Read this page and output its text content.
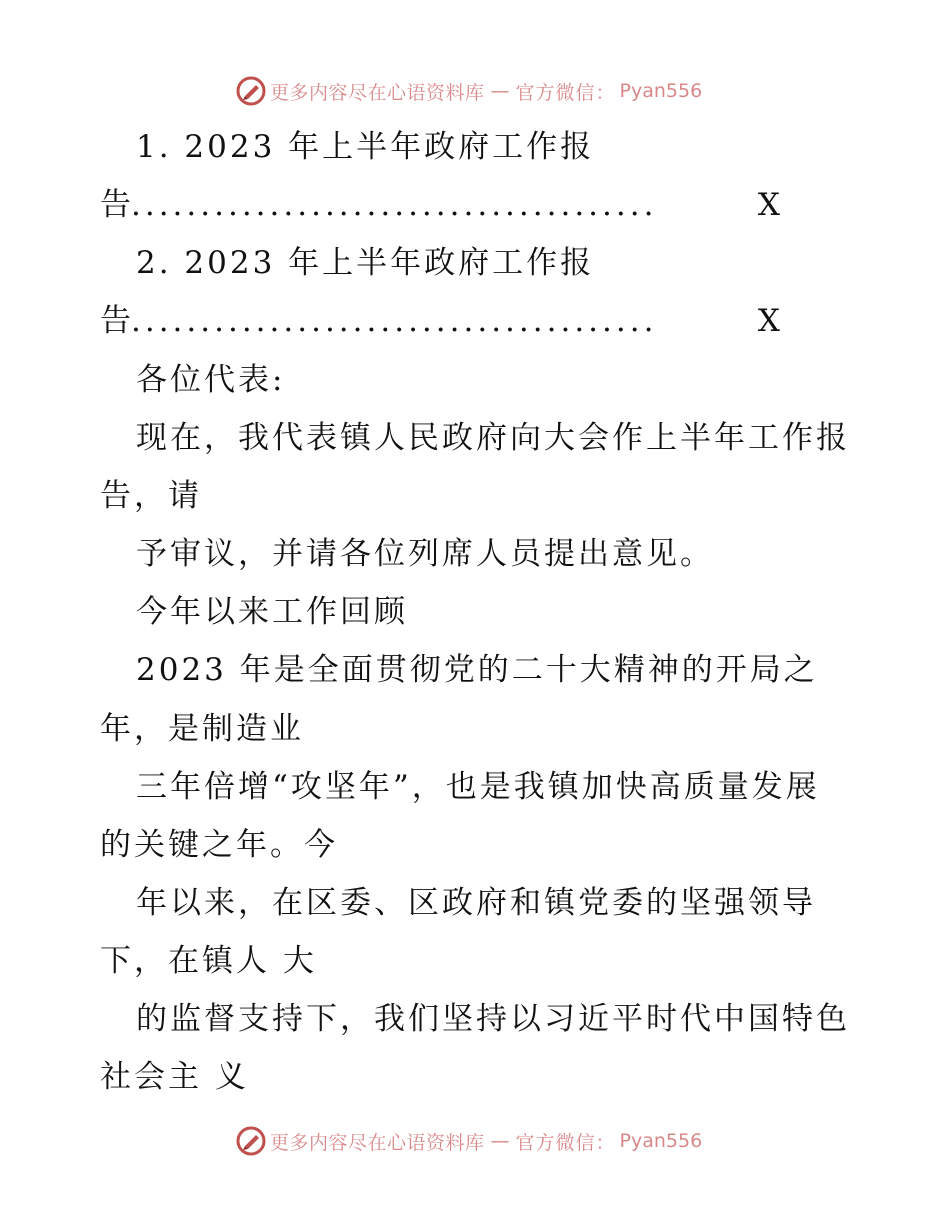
更多内容尽在心语资料库 — 官方微信： Pyan556
1. 2023 年上半年政府工作报
告 ......................................	X
2. 2023 年上半年政府工作报
告 ......................................	X
各位代表:
现在，我代表镇人民政府向大会作上半年工作报
告，请
予审议，并请各位列席人员提出意见。
今年以来工作回顾
2023 年是全面贯彻党的二十大精神的开局之
年，是制造业
三年倍增“攻坚年”，也是我镇加快高质量发展
的关键之年。今
年以来，在区委、区政府和镇党委的坚强领导
下，在镇人 大
的监督支持下，我们坚持以习近平时代中国特色
社会主 义
更多内容尽在心语资料库 — 官方微信： Pyan556
